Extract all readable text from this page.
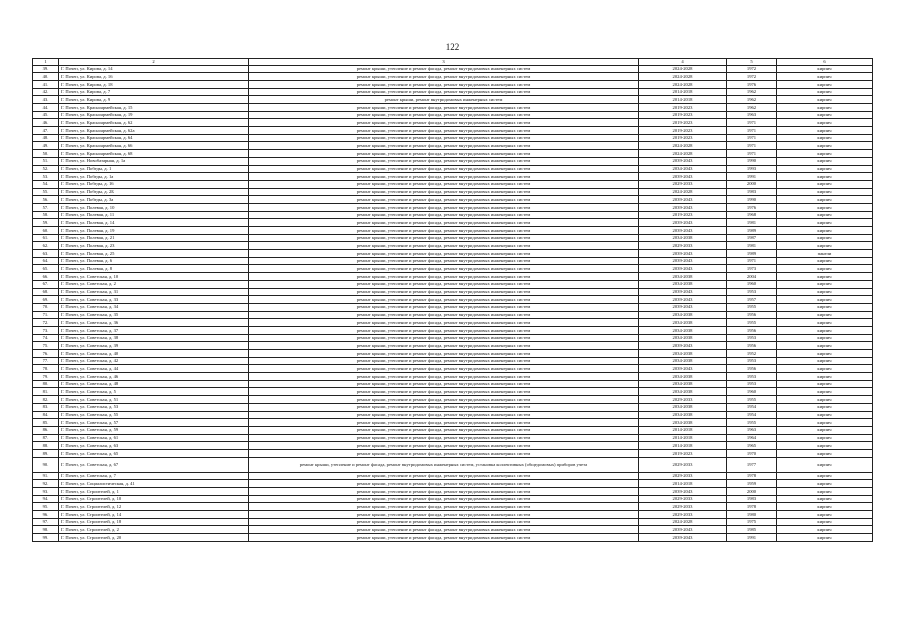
122
1	2	3	4	5	6
39.	Г. Почеп, ул. Кирова, д. 14	ремонт крыши, утепление и ремонт фасада, ремонт внутридомовых инженерных систем	2024-2028	1972	кирпич
40.	Г. Почеп, ул. Кирова, д. 16	ремонт крыши, утепление и ремонт фасада, ремонт внутридомовых инженерных систем	2024-2028	1972	кирпич
41.	Г. Почеп, ул. Кирова, д. 18	ремонт крыши, утепление и ремонт фасада, ремонт внутридомовых инженерных систем	2024-2028	1976	кирпич
42.	Г. Почеп, ул. Кирова, д. 7	ремонт крыши, утепление и ремонт фасада, ремонт внутридомовых инженерных систем	2014-2018	1962	кирпич
43.	Г. Почеп, ул. Кирова, д. 9	ремонт крыши, ремонт внутридомовых инженерных систем	2014-2018	1962	кирпич
44.	Г. Почеп, ул. Красноармейская, д. 15	ремонт крыши, утепление и ремонт фасада, ремонт внутридомовых инженерных систем	2019-2023	1962	кирпич
45.	Г. Почеп, ул. Красноармейская, д. 19	ремонт крыши, утепление и ремонт фасада, ремонт внутридомовых инженерных систем	2019-2023	1963	кирпич
46.	Г. Почеп, ул. Красноармейская, д. 62	ремонт крыши, утепление и ремонт фасада, ремонт внутридомовых инженерных систем	2019-2023	1971	кирпич
47.	Г. Почеп, ул. Красноармейская, д. 62а	ремонт крыши, утепление и ремонт фасада, ремонт внутридомовых инженерных систем	2019-2023	1971	кирпич
48.	Г. Почеп, ул. Красноармейская, д. 64	ремонт крыши, утепление и ремонт фасада, ремонт внутридомовых инженерных систем	2019-2023	1971	кирпич
49.	Г. Почеп, ул. Красноармейская, д. 66	ремонт крыши, утепление и ремонт фасада, ремонт внутридомовых инженерных систем	2024-2028	1971	кирпич
50.	Г. Почеп, ул. Красноармейская, д. 68	ремонт крыши, утепление и ремонт фасада, ремонт внутридомовых инженерных систем	2024-2028	1971	кирпич
51.	Г. Почеп, ул. Новобазарная, д. 1а	ремонт крыши, утепление и ремонт фасада, ремонт внутридомовых инженерных систем	2039-2043	1990	кирпич
52.	Г. Почеп, ул. Победы, д. 1	ремонт крыши, утепление и ремонт фасада, ремонт внутридомовых инженерных систем	2034-2043	1993	кирпич
53.	Г. Почеп, ул. Победы, д. 1а	ремонт крыши, утепление и ремонт фасада, ремонт внутридомовых инженерных систем	2039-2043	1991	кирпич
54.	Г. Почеп, ул. Победы, д. 16	ремонт крыши, утепление и ремонт фасада, ремонт внутридомовых инженерных систем	2029-2033	2000	кирпич
55.	Г. Почеп, ул. Победы, д. 2Б	ремонт крыши, утепление и ремонт фасада, ремонт внутридомовых инженерных систем	2024-2028	1983	кирпич
56.	Г. Почеп, ул. Победы, д. 3а	ремонт крыши, утепление и ремонт фасада, ремонт внутридомовых инженерных систем	2039-2043	1990	кирпич
57.	Г. Почеп, ул. Полевая, д. 10	ремонт крыши, утепление и ремонт фасада, ремонт внутридомовых инженерных систем	2039-2043	1976	кирпич
58.	Г. Почеп, ул. Полевая, д. 11	ремонт крыши, утепление и ремонт фасада, ремонт внутридомовых инженерных систем	2019-2023	1968	кирпич
59.	Г. Почеп, ул. Полевая, д. 14	ремонт крыши, утепление и ремонт фасада, ремонт внутридомовых инженерных систем	2039-2043	1981	кирпич
60.	Г. Почеп, ул. Полевая, д. 19	ремонт крыши, утепление и ремонт фасада, ремонт внутридомовых инженерных систем	2039-2043	1989	кирпич
61.	Г. Почеп, ул. Полевая, д. 21	ремонт крыши, утепление и ремонт фасада, ремонт внутридомовых инженерных систем	2034-2038	1987	кирпич
62.	Г. Почеп, ул. Полевая, д. 23	ремонт крыши, утепление и ремонт фасада, ремонт внутридомовых инженерных систем	2029-2033	1981	кирпич
63.	Г. Почеп, ул. Полевая, д. 25	ремонт крыши, утепление и ремонт фасада, ремонт внутридомовых инженерных систем	2039-2043	1989	панели
64.	Г. Почеп, ул. Полевая, д. 6	ремонт крыши, утепление и ремонт фасада, ремонт внутридомовых инженерных систем	2039-2043	1971	кирпич
65.	Г. Почеп, ул. Полевая, д. 8	ремонт крыши, утепление и ремонт фасада, ремонт внутридомовых инженерных систем	2039-2043	1973	кирпич
66.	Г. Почеп, ул. Советская, д. 10	ремонт крыши, утепление и ремонт фасада, ремонт внутридомовых инженерных систем	2034-2038	2004	кирпич
67.	Г. Почеп, ул. Советская, д. 2	ремонт крыши, утепление и ремонт фасада, ремонт внутридомовых инженерных систем	2034-2038	1960	кирпич
68.	Г. Почеп, ул. Советская, д. 31	ремонт крыши, утепление и ремонт фасада, ремонт внутридомовых инженерных систем	2039-2043	1953	кирпич
69.	Г. Почеп, ул. Советская, д. 33	ремонт крыши, утепление и ремонт фасада, ремонт внутридомовых инженерных систем	2039-2043	1957	кирпич
70.	Г. Почеп, ул. Советская, д. 34	ремонт крыши, утепление и ремонт фасада, ремонт внутридомовых инженерных систем	2039-2043	1955	кирпич
71.	Г. Почеп, ул. Советская, д. 35	ремонт крыши, утепление и ремонт фасада, ремонт внутридомовых инженерных систем	2034-2038	1956	кирпич
72.	Г. Почеп, ул. Советская, д. 36	ремонт крыши, утепление и ремонт фасада, ремонт внутридомовых инженерных систем	2034-2038	1955	кирпич
73.	Г. Почеп, ул. Советская, д. 37	ремонт крыши, утепление и ремонт фасада, ремонт внутридомовых инженерных систем	2034-2038	1956	кирпич
74.	Г. Почеп, ул. Советская, д. 38	ремонт крыши, утепление и ремонт фасада, ремонт внутридомовых инженерных систем	2034-2038	1953	кирпич
75.	Г. Почеп, ул. Советская, д. 39	ремонт крыши, утепление и ремонт фасада, ремонт внутридомовых инженерных систем	2039-2043	1956	кирпич
76.	Г. Почеп, ул. Советская, д. 40	ремонт крыши, утепление и ремонт фасада, ремонт внутридомовых инженерных систем	2034-2038	1952	кирпич
77.	Г. Почеп, ул. Советская, д. 42	ремонт крыши, утепление и ремонт фасада, ремонт внутридомовых инженерных систем	2034-2038	1953	кирпич
78.	Г. Почеп, ул. Советская, д. 44	ремонт крыши, утепление и ремонт фасада, ремонт внутридомовых инженерных систем	2039-2043	1956	кирпич
79.	Г. Почеп, ул. Советская, д. 46	ремонт крыши, утепление и ремонт фасада, ремонт внутридомовых инженерных систем	2034-2038	1953	кирпич
80.	Г. Почеп, ул. Советская, д. 48	ремонт крыши, утепление и ремонт фасада, ремонт внутридомовых инженерных систем	2034-2038	1953	кирпич
81.	Г. Почеп, ул. Советская, д. 5	ремонт крыши, утепление и ремонт фасада, ремонт внутридомовых инженерных систем	2034-2038	1960	кирпич
82.	Г. Почеп, ул. Советская, д. 51	ремонт крыши, утепление и ремонт фасада, ремонт внутридомовых инженерных систем	2029-2033	1955	кирпич
83.	Г. Почеп, ул. Советская, д. 53	ремонт крыши, утепление и ремонт фасада, ремонт внутридомовых инженерных систем	2034-2038	1954	кирпич
84.	Г. Почеп, ул. Советская, д. 55	ремонт крыши, утепление и ремонт фасада, ремонт внутридомовых инженерных систем	2034-2038	1954	кирпич
85.	Г. Почеп, ул. Советская, д. 57	ремонт крыши, утепление и ремонт фасада, ремонт внутридомовых инженерных систем	2034-2038	1955	кирпич
86.	Г. Почеп, ул. Советская, д. 59	ремонт крыши, утепление и ремонт фасада, ремонт внутридомовых инженерных систем	2014-2018	1963	кирпич
87.	Г. Почеп, ул. Советская, д. 61	ремонт крыши, утепление и ремонт фасада, ремонт внутридомовых инженерных систем	2014-2018	1964	кирпич
88.	Г. Почеп, ул. Советская, д. 63	ремонт крыши, утепление и ремонт фасада, ремонт внутридомовых инженерных систем	2014-2018	1965	кирпич
89.	Г. Почеп, ул. Советская, д. 65	ремонт крыши, утепление и ремонт фасада, ремонт внутридомовых инженерных систем	2019-2023	1970	кирпич
90.	Г. Почеп, ул. Советская, д. 67	ремонт крыши, утепление и ремонт фасада, ремонт внутридомовых инженерных систем, установка коллективных (общедомовых) приборов учета	2029-2033	1977	кирпич
91.	Г. Почеп, ул. Советская, д. 7	ремонт крыши, утепление и ремонт фасада, ремонт внутридомовых инженерных систем	2029-2033	1978	кирпич
92.	Г. Почеп, ул. Социалистическая, д. 41	ремонт крыши, утепление и ремонт фасада, ремонт внутридомовых инженерных систем	2014-2018	1959	кирпич
93.	Г. Почеп, ул. Строителей, д. 1	ремонт крыши, утепление и ремонт фасада, ремонт внутридомовых инженерных систем	2039-2043	2000	кирпич
94.	Г. Почеп, ул. Строителей, д. 10	ремонт крыши, утепление и ремонт фасада, ремонт внутридомовых инженерных систем	2029-2033	1983	кирпич
95.	Г. Почеп, ул. Строителей, д. 12	ремонт крыши, утепление и ремонт фасада, ремонт внутридомовых инженерных систем	2029-2033	1978	кирпич
96.	Г. Почеп, ул. Строителей, д. 14	ремонт крыши, утепление и ремонт фасада, ремонт внутридомовых инженерных систем	2029-2033	1980	кирпич
97.	Г. Почеп, ул. Строителей, д. 18	ремонт крыши, утепление и ремонт фасада, ремонт внутридомовых инженерных систем	2024-2028	1975	кирпич
98.	Г. Почеп, ул. Строителей, д. 2	ремонт крыши, утепление и ремонт фасада, ремонт внутридомовых инженерных систем	2039-2043	1985	кирпич
99.	Г. Почеп, ул. Строителей, д. 20	ремонт крыши, утепление и ремонт фасада, ремонт внутридомовых инженерных систем	2039-2043	1991	кирпич
